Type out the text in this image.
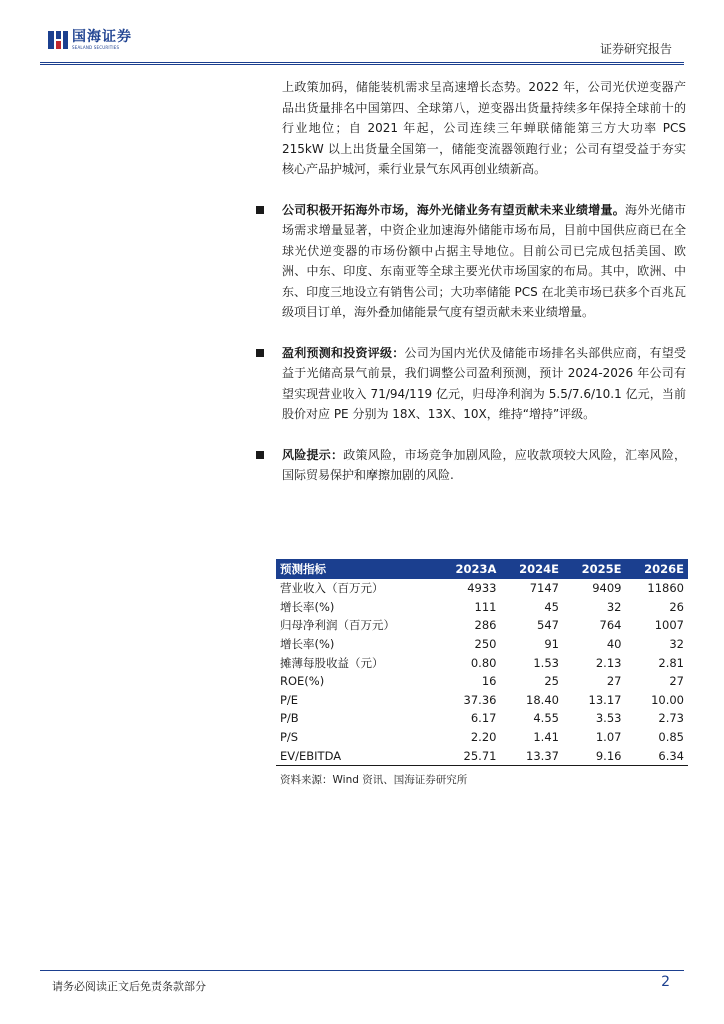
国海证券
SEALAND SECURITIES	证券研究报告

上政策加码，储能装机需求呈高速增长态势。2022 年，公司光伏逆变器产品出货量排名中国第四、全球第八，逆变器出货量持续多年保持全球前十的行业地位；自 2021 年起，公司连续三年蝉联储能第三方大功率 PCS 215kW 以上出货量全国第一，储能变流器领跑行业；公司有望受益于夯实核心产品护城河，乘行业景气东风再创业绩新高。

公司积极开拓海外市场，海外光储业务有望贡献未来业绩增量。海外光储市场需求增量显著，中资企业加速海外储能市场布局，目前中国供应商已在全球光伏逆变器的市场份额中占据主导地位。目前公司已完成包括美国、欧洲、中东、印度、东南亚等全球主要光伏市场国家的布局。其中，欧洲、中东、印度三地设立有销售公司；大功率储能 PCS 在北美市场已获多个百兆瓦级项目订单，海外叠加储能景气度有望贡献未来业绩增量。

盈利预测和投资评级：公司为国内光伏及储能市场排名头部供应商，有望受益于光储高景气前景，我们调整公司盈利预测，预计 2024-2026 年公司有望实现营业收入 71/94/119 亿元，归母净利润为 5.5/7.6/10.1 亿元，当前股价对应 PE 分别为 18X、13X、10X，维持“增持”评级。

风险提示：政策风险，市场竞争加剧风险，应收款项较大风险，汇率风险，国际贸易保护和摩擦加剧的风险.

预测指标	2023A	2024E	2025E	2026E
营业收入（百万元）	4933	7147	9409	11860
增长率(%)	111	45	32	26
归母净利润（百万元）	286	547	764	1007
增长率(%)	250	91	40	32
摊薄每股收益（元）	0.80	1.53	2.13	2.81
ROE(%)	16	25	27	27
P/E	37.36	18.40	13.17	10.00
P/B	6.17	4.55	3.53	2.73
P/S	2.20	1.41	1.07	0.85
EV/EBITDA	25.71	13.37	9.16	6.34
资料来源：Wind 资讯、国海证券研究所
请务必阅读正文后免责条款部分	2
